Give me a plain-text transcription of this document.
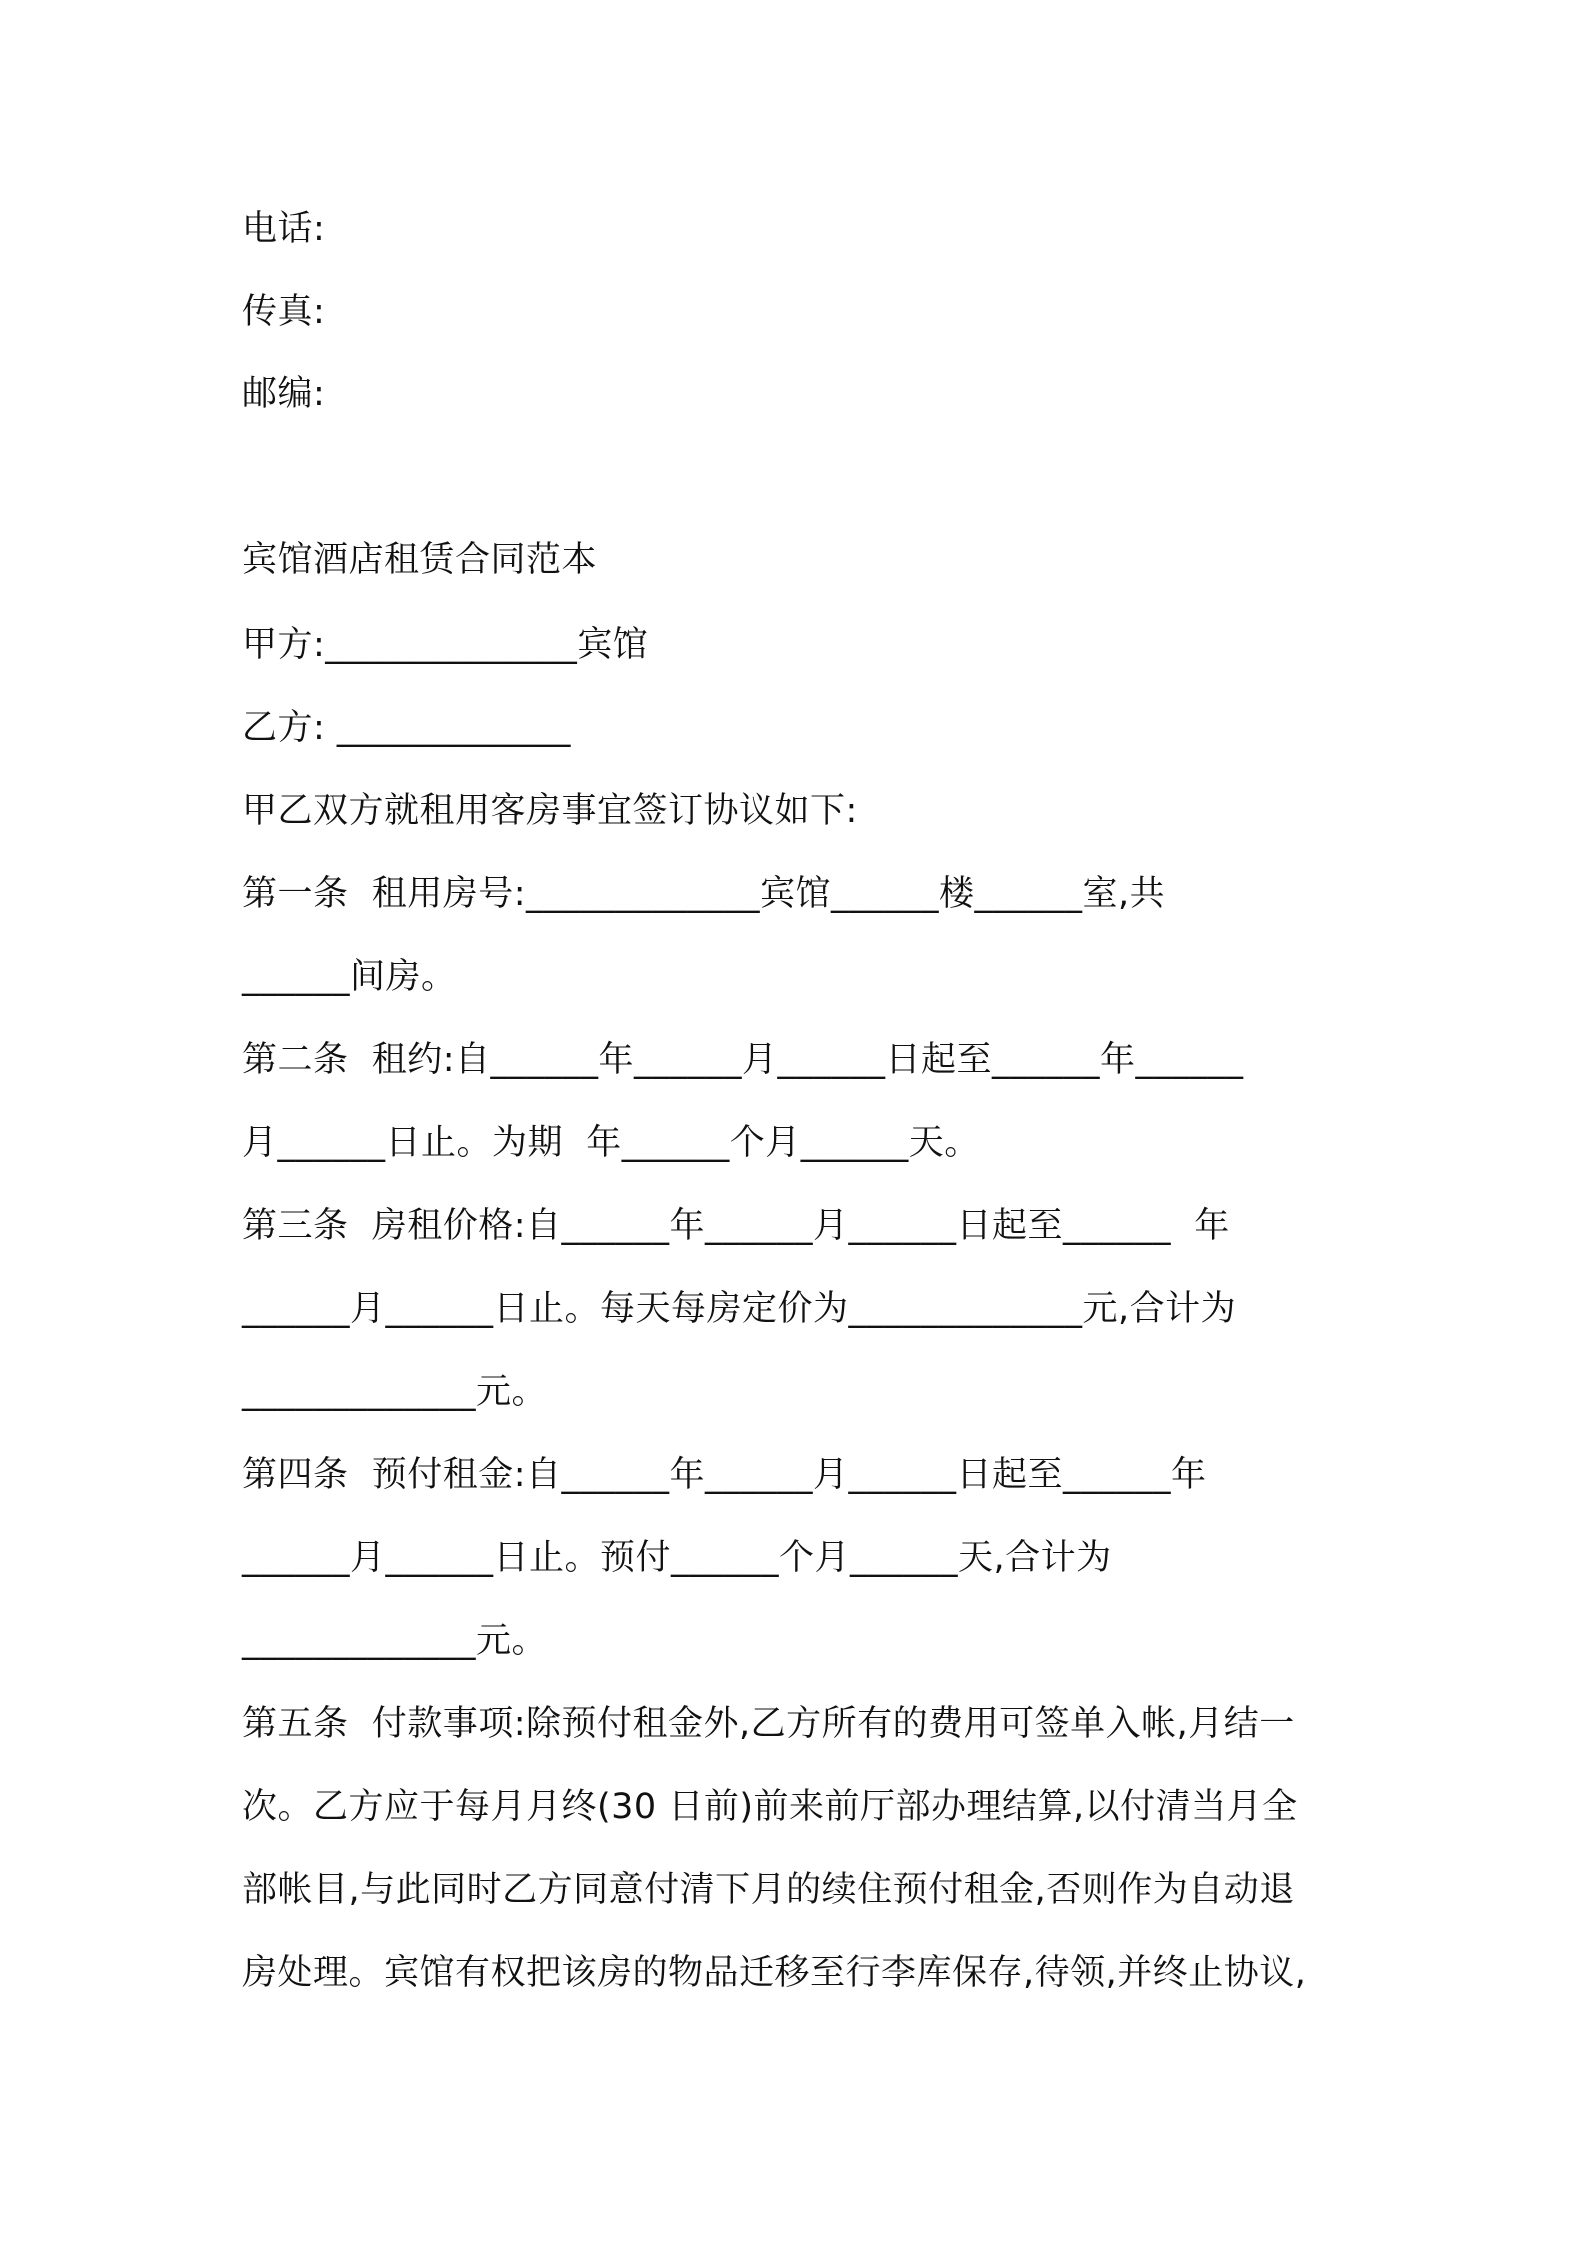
电话:
传真:
邮编:
宾馆酒店租赁合同范本
甲方:______________宾馆
乙方: _____________
甲乙双方就租用客房事宜签订协议如下:
第一条  租用房号:_____________宾馆______楼______室,共
______间房。
第二条  租约:自______年______月______日起至______年______
月______日止。为期  年______个月______天。
第三条  房租价格:自______年______月______日起至______  年
______月______日止。每天每房定价为_____________元,合计为
_____________元。
第四条  预付租金:自______年______月______日起至______年
______月______日止。预付______个月______天,合计为
_____________元。
第五条  付款事项:除预付租金外,乙方所有的费用可签单入帐,月结一
次。乙方应于每月月终(30 日前)前来前厅部办理结算,以付清当月全
部帐目,与此同时乙方同意付清下月的续住预付租金,否则作为自动退
房处理。宾馆有权把该房的物品迁移至行李库保存,待领,并终止协议,
